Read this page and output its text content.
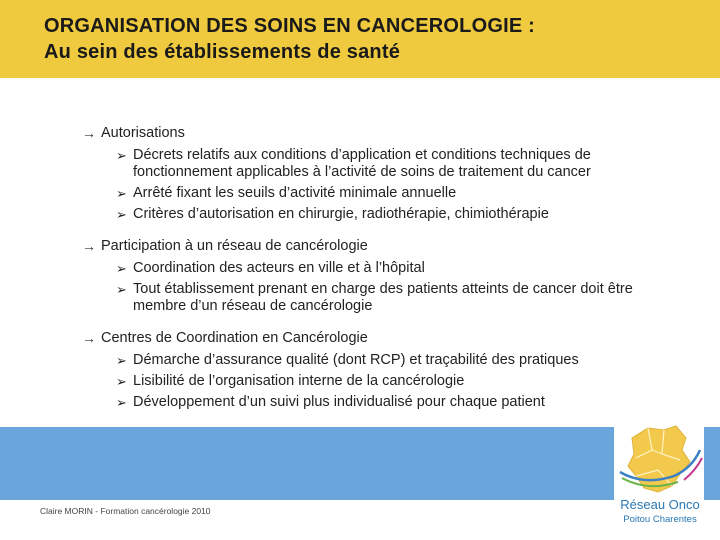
ORGANISATION DES SOINS EN CANCEROLOGIE :
Au sein des établissements de santé
→ Autorisations
➢ Décrets relatifs aux conditions d’application et conditions techniques de fonctionnement applicables à l’activité de soins de traitement du cancer
➢ Arrêté fixant les seuils d’activité minimale annuelle
➢ Critères d’autorisation en chirurgie, radiothérapie, chimiothérapie
→ Participation à un réseau de cancérologie
➢ Coordination des acteurs en ville et à l’hôpital
➢ Tout établissement prenant en charge des patients atteints de cancer doit être membre d’un réseau de cancérologie
→ Centres de Coordination en Cancérologie
➢ Démarche d’assurance qualité (dont RCP) et traçabilité des pratiques
➢ Lisibilité de l’organisation interne de la cancérologie
➢ Développement d’un suivi plus individualisé pour chaque patient
Claire MORIN - Formation cancérologie 2010	Réseau Onco
Poitou Charentes
